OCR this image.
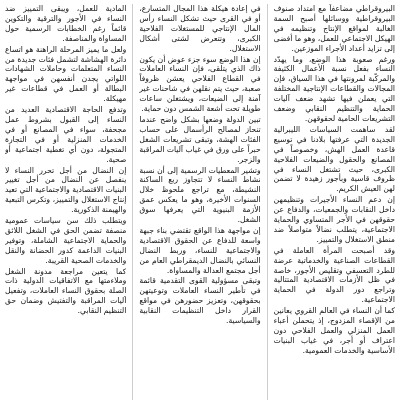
البيروقراطي مضاعفاً مع امتداد صنوف البيروقراطية ووسائلها أصبح السمة الغالبة لمواقع الإنتاج وتنظيمه في الهيكل الاجتماعي للعمل، وهو ما أفضى إلى تزايد أعداد الأجراء الموزعين.

ورغم صعوبة هذا الوضع، وما يهدّد النساء بفعل نسبة الأعمال الكثيفة والمركّبة لمرونتها في هذا السياق، فإن المجالات والقطاعات الإنتاجية المختلفة التي يعملن فيها تشهد ضعف آليات الحماية والتنظيم النقابي وضعف التشريعات الحامية لحقوقهن.

لقد ساهمت السياسات الليبرالية الجديدة التي عرفتها بلادنا في توسيع قاعدة العمل الهش، وخصوصاً في المصانع والحقول والضيعات الفلاحية الكبرى، حيث تشتغل النساء في ظروف قاسية وبأجور زهيدة لا تضمن لهن العيش الكريم.

إن دعم النساء الأجيرات وتنظيمهن داخل النقابات والجمعيات، والدفاع عن حقوقهن في الأجر المتساوي والحماية الاجتماعية، يتطلب نضالاً متواصلاً ضد منطق الاستغلال والتمييز.

وقد أصبحت المرأة العاملة في القطاعات الصناعية والخدماتية عرضة للطرد التعسفي وتقليص الأجور، خاصة في ظل الأزمات الاقتصادية المتتالية وتراجع دور الدولة في الحماية الاجتماعية.

كما أن النساء في العالم القروي يعانين من الإقصاء المزدوج، إذ يتحملن أعباء العمل المنزلي والعمل الفلاحي دون اعتراف أو أجر، في غياب البنيات الأساسية والخدمات العمومية.

في إعادة هيكلة هذا المجال المتسارع، أو في القرى حيث تشكل النساء رأس المال الإنتاجي للمستغلات الفلاحية الكبرى، وتتعرض لشتى أشكال الاستغلال.

إن هذا الوضع سوء جزء عوض أن يكون ذاك الذي يتلقى، فإن النساء العاملات في القطاع الفلاحي يعشن ظروفاً صعبة، حيث يتم نقلهن في شاحنات غير آمنة إلى الضيعات، ويشتغلن ساعات طويلة تحت أشعة الشمس دون حماية.

تبين الدولة وضعها بشكل واضح عندما تنحاز لمصالح الرأسمال على حساب الفئات الهشة، وتبقى تشريعات الشغل حبراً على ورق في غياب آليات المراقبة والزجر.

وتشير المعطيات الرسمية إلى أن نسبة نشاط النساء لا تتجاوز ربع الساكنة النشيطة، مع تراجع ملحوظ خلال السنوات الأخيرة، وهو ما يعكس عمق الأزمة البنيوية التي يعرفها سوق الشغل.

إن مواجهة هذا الواقع تقتضي بناء جبهة واسعة للدفاع عن الحقوق الاقتصادية والاجتماعية للنساء، وربط النضال النسائي بالنضال الديمقراطي العام من أجل مجتمع العدالة والمساواة.

وتبقى مسؤولية القوى التقدمية قائمة في تأطير النساء العاملات وتوعيتهن بحقوقهن، وتعزيز حضورهن في مواقع القرار داخل التنظيمات النقابية والسياسية.

المادية للعمل، ويبقى التمييز ضد النساء في الأجور والترقية والتكوين قائماً رغم الخطابات الرسمية حول المساواة والمناصفة.

ولعل ما يميز المرحلة الراهنة هو اتساع دائرة الهشاشة لتشمل فئات جديدة من النساء المتعلمات وحاملات الشهادات اللواتي يجدن أنفسهن في مواجهة البطالة أو العمل في قطاعات غير مهيكلة.

وتدفع الحاجة الاقتصادية العديد من النساء إلى القبول بشروط عمل مجحفة، سواء في المصانع أو في الخدمات المنزلية أو في التجارة المتجولة، دون أي تغطية اجتماعية أو صحية.

إن النضال من أجل تحرر النساء لا ينفصل عن النضال من أجل تغيير البنيات الاقتصادية والاجتماعية التي تعيد إنتاج الاستغلال والتمييز، وتكرس التبعية والهيمنة الذكورية.

ويتطلب ذلك سن سياسات عمومية منصفة تضمن الحق في الشغل اللائق والحماية الاجتماعية الشاملة، وتوفير البنيات الداعمة كدور الحضانة والنقل والخدمات الصحية القريبة.

كما يتعين مراجعة مدونة الشغل وملاءمتها مع الاتفاقيات الدولية ذات الصلة بحقوق النساء العاملات، وتفعيل آليات المراقبة والتفتيش وضمان حق التنظيم النقابي.
